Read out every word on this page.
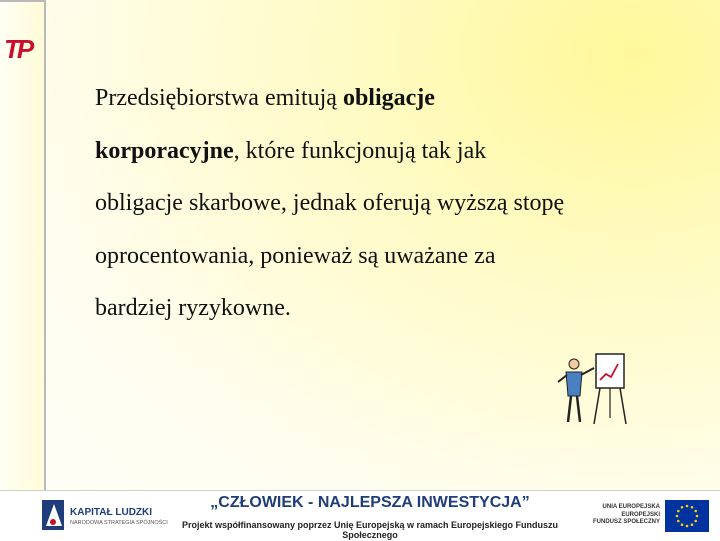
TP
Przedsiębiorstwa emitują obligacje
korporacyjne, które funkcjonują tak jak
obligacje skarbowe, jednak oferują wyższą stopę
oprocentowania, ponieważ są uważane za
bardziej ryzykowne.
KAPITAŁ LUDZKI
NARODOWA STRATEGIA SPÓJNOŚCI
„CZŁOWIEK - NAJLEPSZA INWESTYCJA”
Projekt współfinansowany poprzez Unię Europejską w ramach Europejskiego Funduszu Społecznego
UNIA EUROPEJSKA
EUROPEJSKI
FUNDUSZ SPOŁECZNY
